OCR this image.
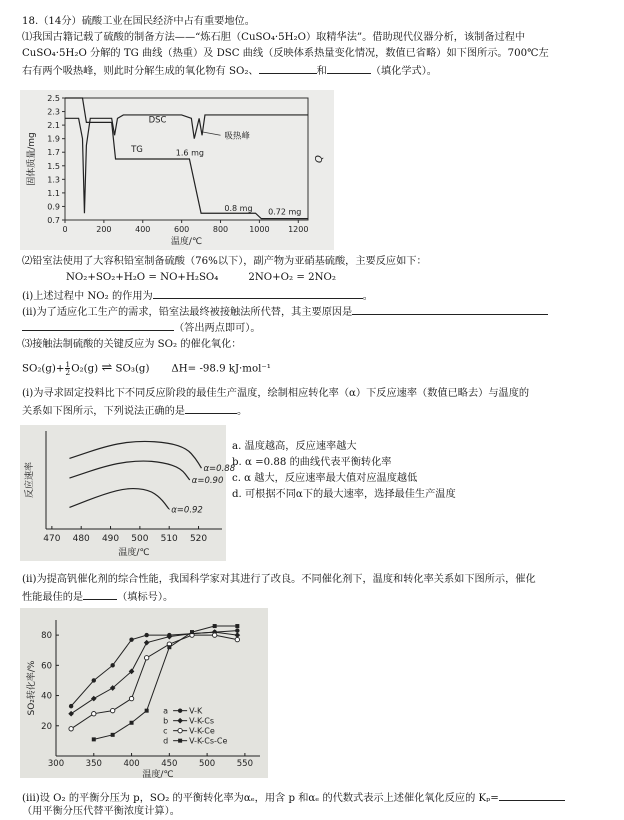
18.（14分）硫酸工业在国民经济中占有重要地位。
⑴我国古籍记载了硫酸的制备方法——“炼石胆（CuSO₄·5H₂O）取精华法”。借助现代仪器分析，该制备过程中
CuSO₄·5H₂O 分解的 TG 曲线（热重）及 DSC 曲线（反映体系热量变化情况，数值已省略）如下图所示。700℃左
右有两个吸热峰，则此时分解生成的氧化物有 SO₂、	和	（填化学式）。
0	200	400	600	800	1000 1200
0.7
0.9
1.1
1.3
1.5
1.7
1.9
2.1
2.3
2.5
温度/℃
固体质量/mg	Q
DSC
吸热峰
TG	1.6 mg
0.8 mg 0.72 mg
⑵铅室法使用了大容积铅室制备硫酸（76%以下），副产物为亚硝基硫酸，主要反应如下：
NO₂+SO₂+H₂O = NO+H₂SO₄	2NO+O₂ = 2NO₂
(i)上述过程中 NO₂ 的作用为	。
(ii)为了适应化工生产的需求，铅室法最终被接触法所代替，其主要原因是
（答出两点即可）。
⑶接触法制硫酸的关键反应为 SO₂ 的催化氧化：
$SO_2(g)+ \frac{1}{2} O_2(g)$ ⇌ SO₃(g) ΔH= -98.9 kJ·mol⁻¹
(i)为寻求固定投料比下不同反应阶段的最佳生产温度，绘制相应转化率（α）下反应速率（数值已略去）与温度的
关系如下图所示，下列说法正确的是	。
470 480 490 500 510 520
温度/℃
反应速率	α=0.88
α=0.90
α=0.92
a. 温度越高，反应速率越大
b. α =0.88 的曲线代表平衡转化率
c. α 越大，反应速率最大值对应温度越低
d. 可根据不同α下的最大速率，选择最佳生产温度
(ii)为提高钒催化剂的综合性能，我国科学家对其进行了改良。不同催化剂下，温度和转化率关系如下图所示，催化
性能最佳的是	（填标号）。
300	350	400	450	500	550
20
40
60
80
温度/℃
SO₂转化率/%	a	V-K
b	V-K-Cs
c	V-K-Ce
d	V-K-Cs-Ce
(iii)设 O₂ 的平衡分压为 p，SO₂ 的平衡转化率为αₑ，用含 p 和αₑ 的代数式表示上述催化氧化反应的 Kₚ=
（用平衡分压代替平衡浓度计算）。
